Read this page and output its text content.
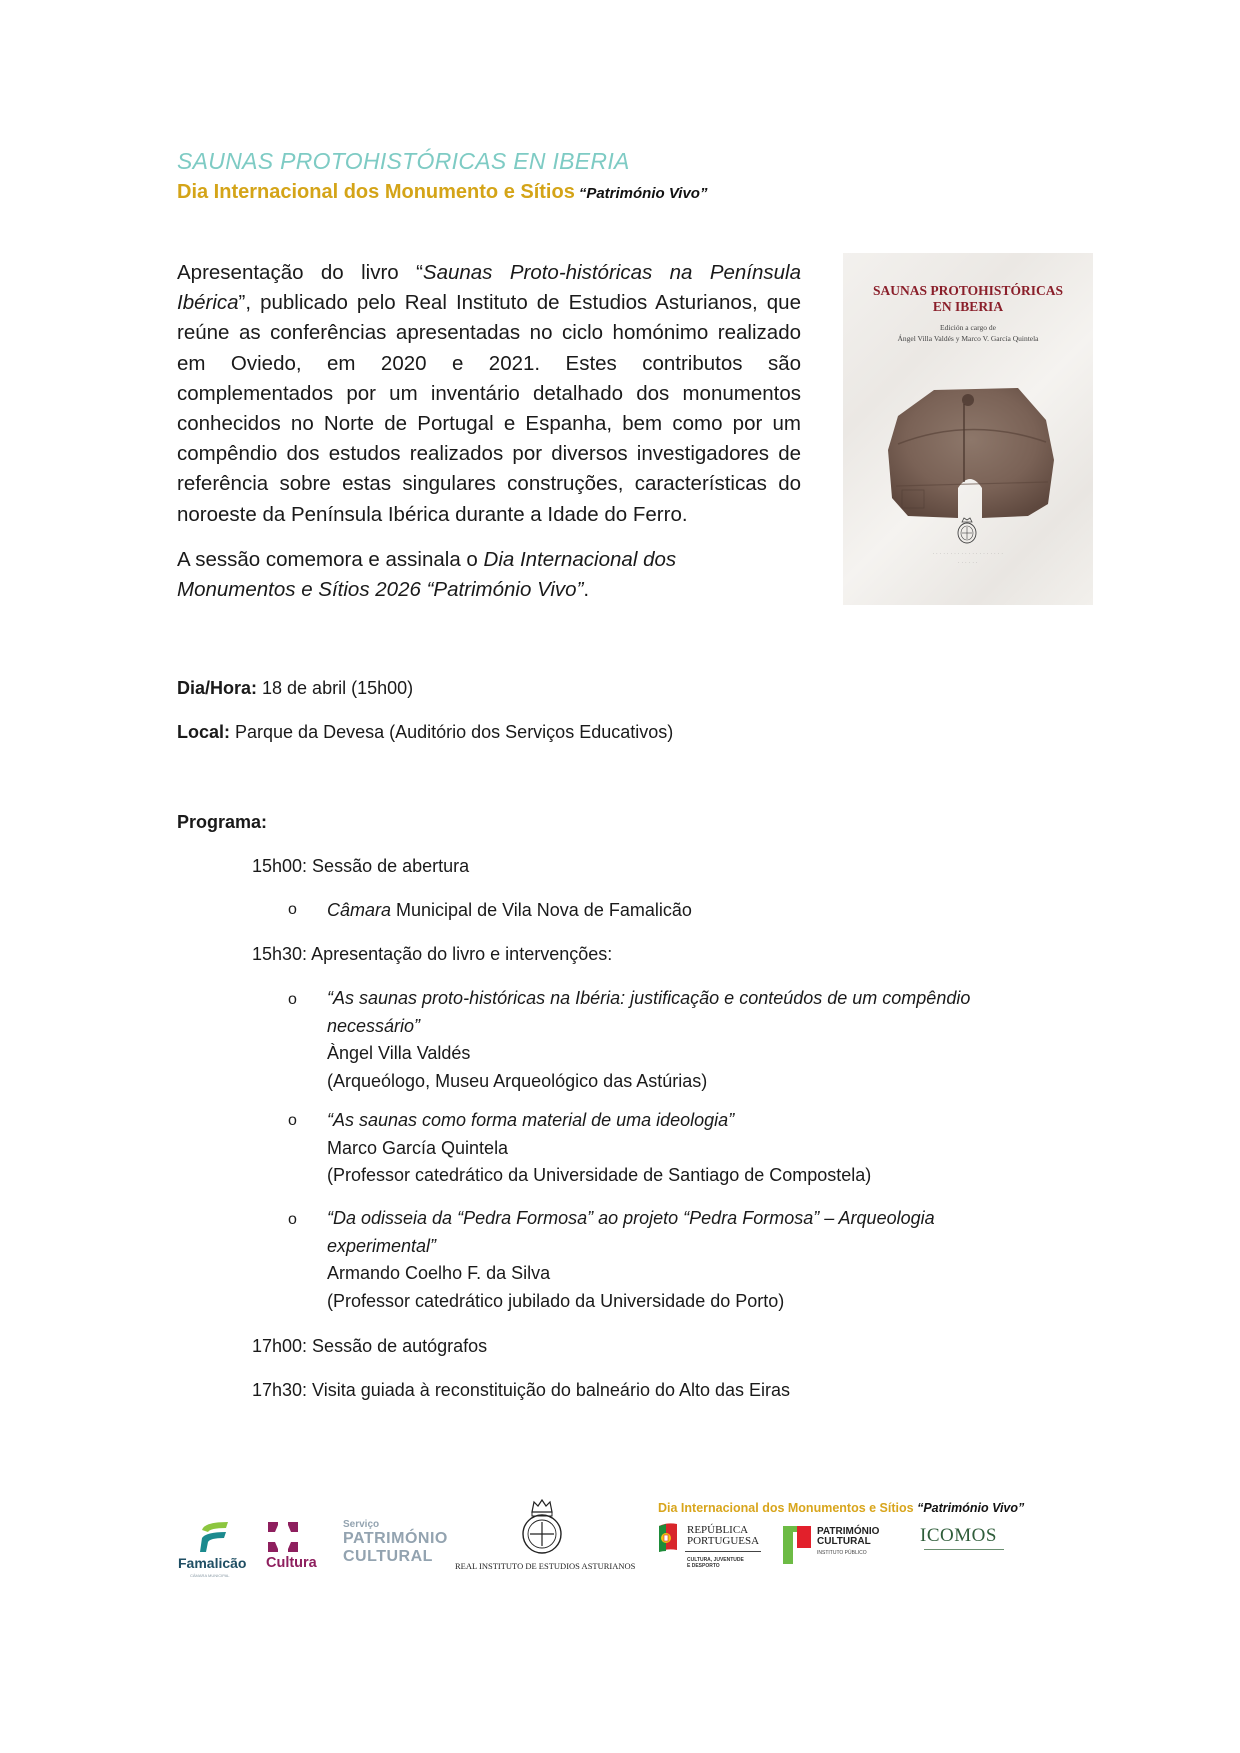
SAUNAS PROTOHISTÓRICAS EN IBERIA
Dia Internacional dos Monumento e Sítios “Património Vivo”
Apresentação do livro “Saunas Proto-históricas na Península Ibérica”, publicado pelo Real Instituto de Estudios Asturianos, que reúne as conferências apresentadas no ciclo homónimo realizado em Oviedo, em 2020 e 2021. Estes contributos são complementados por um inventário detalhado dos monumentos conhecidos no Norte de Portugal e Espanha, bem como por um compêndio dos estudos realizados por diversos investigadores de referência sobre estas singulares construções, características do noroeste da Península Ibérica durante a Idade do Ferro.
A sessão comemora e assinala o Dia Internacional dos
Monumentos e Sítios 2026 “Património Vivo”.
SAUNAS PROTOHISTÓRICAS
EN IBERIA
Edición a cargo de
Ángel Villa Valdés y Marco V. García Quintela
· · · · · · · · · · · · · · · · · · · ·
· · · · · ·
Dia/Hora: 18 de abril (15h00)
Local: Parque da Devesa (Auditório dos Serviços Educativos)
Programa:
15h00: Sessão de abertura
o Câmara Municipal de Vila Nova de Famalicão
15h30: Apresentação do livro e intervenções:
o “As saunas proto-históricas na Ibéria: justificação e conteúdos de um compêndio
necessário”
Àngel Villa Valdés
(Arqueólogo, Museu Arqueológico das Astúrias)
o “As saunas como forma material de uma ideologia”
Marco García Quintela
(Professor catedrático da Universidade de Santiago de Compostela)
o “Da odisseia da “Pedra Formosa” ao projeto “Pedra Formosa” – Arqueologia
experimental”
Armando Coelho F. da Silva
(Professor catedrático jubilado da Universidade do Porto)
17h00: Sessão de autógrafos
17h30: Visita guiada à reconstituição do balneário do Alto das Eiras
Dia Internacional dos Monumentos e Sítios “Património Vivo”
Famalicão
CÂMARA MUNICIPAL
Cultura
Serviço
PATRIMÓNIO
CULTURAL
REAL INSTITUTO DE ESTUDIOS ASTURIANOS
REPÚBLICA
PORTUGUESA
CULTURA, JUVENTUDE
E DESPORTO
PATRIMÓNIO
CULTURAL
INSTITUTO PÚBLICO
ICOMOS
